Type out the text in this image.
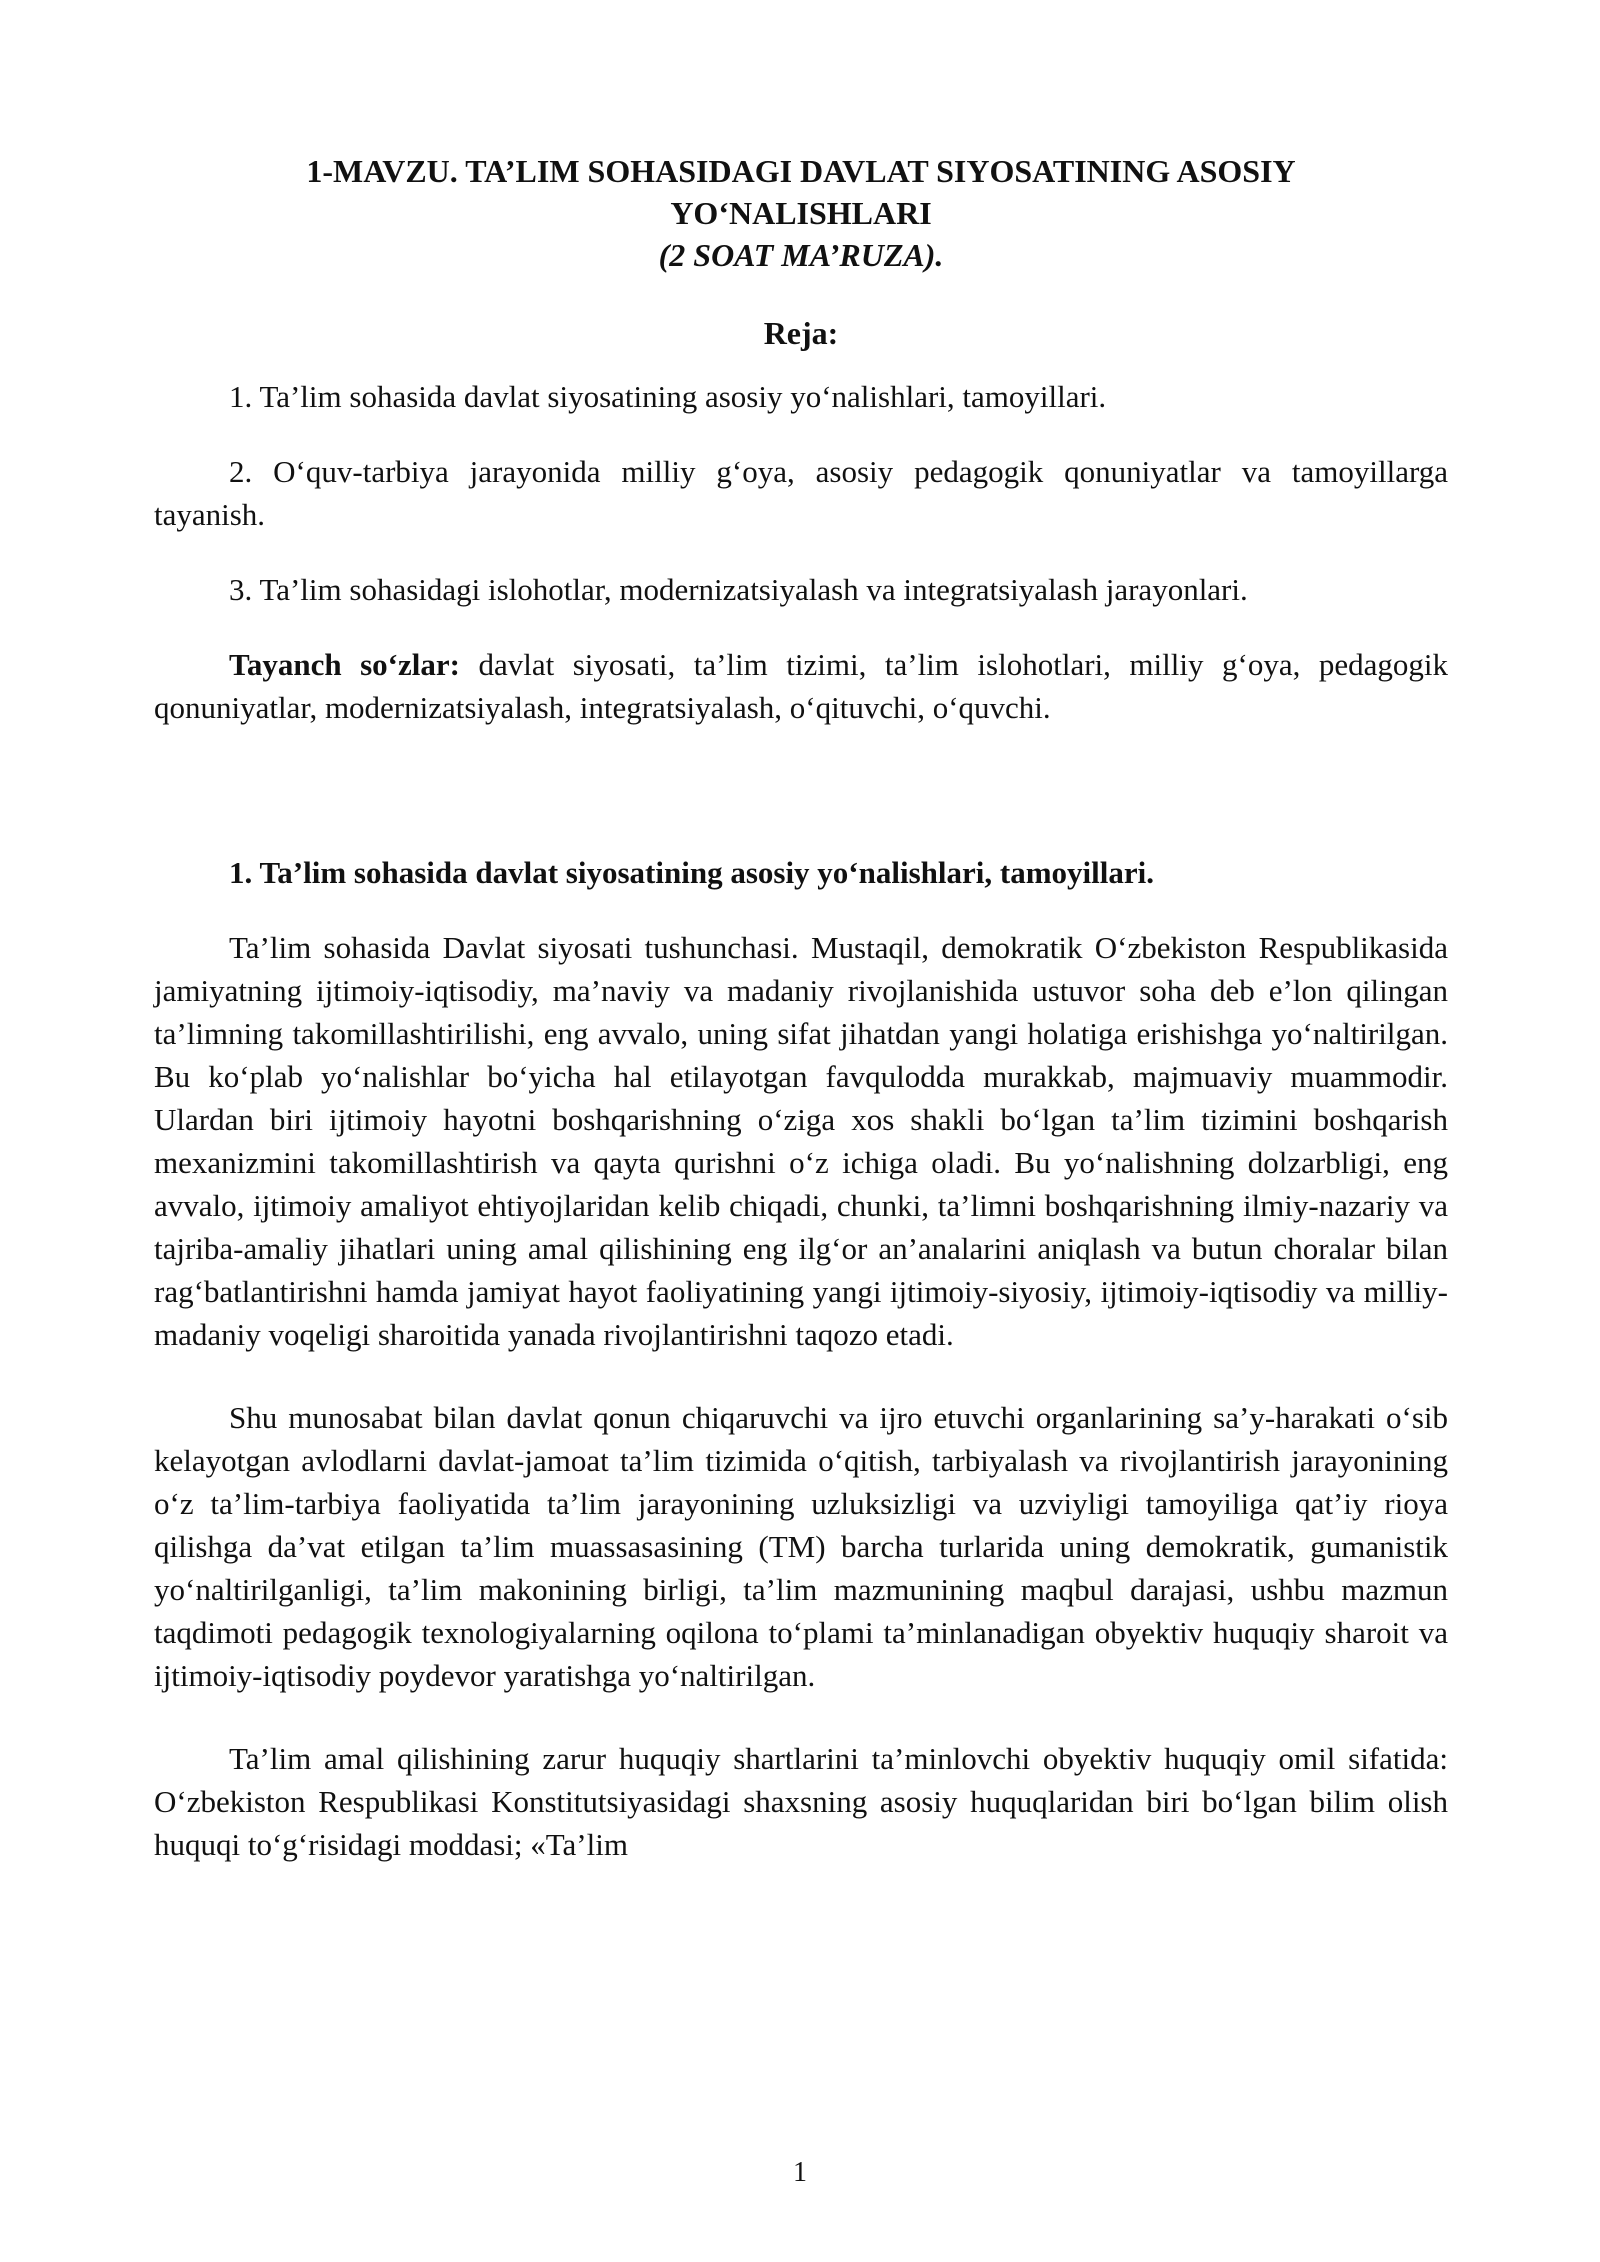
1-MAVZU. TA’LIM SOHASIDAGI DAVLAT SIYOSATINING ASOSIY
YO‘NALISHLARI
(2 SOAT MA’RUZA).
Reja:

1. Ta’lim sohasida davlat siyosatining asosiy yo‘nalishlari, tamoyillari.

2. O‘quv-tarbiya jarayonida milliy g‘oya, asosiy pedagogik qonuniyatlar va tamoyillarga tayanish.

3. Ta’lim sohasidagi islohotlar, modernizatsiyalash va integratsiyalash jarayonlari.

Tayanch so‘zlar: davlat siyosati, ta’lim tizimi, ta’lim islohotlari, milliy g‘oya, pedagogik qonuniyatlar, modernizatsiyalash, integratsiyalash, o‘qituvchi, o‘quvchi.

1. Ta’lim sohasida davlat siyosatining asosiy yo‘nalishlari, tamoyillari.

Ta’lim sohasida Davlat siyosati tushunchasi. Mustaqil, demokratik O‘zbekiston Respublikasida jamiyatning ijtimoiy-iqtisodiy, ma’naviy va madaniy rivojlanishida ustuvor soha deb e’lon qilingan ta’limning takomillashtirilishi, eng avvalo, uning sifat jihatdan yangi holatiga erishishga yo‘naltirilgan. Bu ko‘plab yo‘nalishlar bo‘yicha hal etilayotgan favqulodda murakkab, majmuaviy muammodir. Ulardan biri ijtimoiy hayotni boshqarishning o‘ziga xos shakli bo‘lgan ta’lim tizimini boshqarish mexanizmini takomillashtirish va qayta qurishni o‘z ichiga oladi. Bu yo‘nalishning dolzarbligi, eng avvalo, ijtimoiy amaliyot ehtiyojlaridan kelib chiqadi, chunki, ta’limni boshqarishning ilmiy-nazariy va tajriba-amaliy jihatlari uning amal qilishining eng ilg‘or an’analarini aniqlash va butun choralar bilan rag‘batlantirishni hamda jamiyat hayot faoliyatining yangi ijtimoiy-siyosiy, ijtimoiy-iqtisodiy va milliy-madaniy voqeligi sharoitida yanada rivojlantirishni taqozo etadi.

Shu munosabat bilan davlat qonun chiqaruvchi va ijro etuvchi organlarining sa’y-harakati o‘sib kelayotgan avlodlarni davlat-jamoat ta’lim tizimida o‘qitish, tarbiyalash va rivojlantirish jarayonining o‘z ta’lim-tarbiya faoliyatida ta’lim jarayonining uzluksizligi va uzviyligi tamoyiliga qat’iy rioya qilishga da’vat etilgan ta’lim muassasasining (TM) barcha turlarida uning demokratik, gumanistik yo‘naltirilganligi, ta’lim makonining birligi, ta’lim mazmunining maqbul darajasi, ushbu mazmun taqdimoti pedagogik texnologiyalarning oqilona to‘plami ta’minlanadigan obyektiv huquqiy sharoit va ijtimoiy-iqtisodiy poydevor yaratishga yo‘naltirilgan.

Ta’lim amal qilishining zarur huquqiy shartlarini ta’minlovchi obyektiv huquqiy omil sifatida: O‘zbekiston Respublikasi Konstitutsiyasidagi shaxsning asosiy huquqlaridan biri bo‘lgan bilim olish huquqi to‘g‘risidagi moddasi; «Ta’lim

1
